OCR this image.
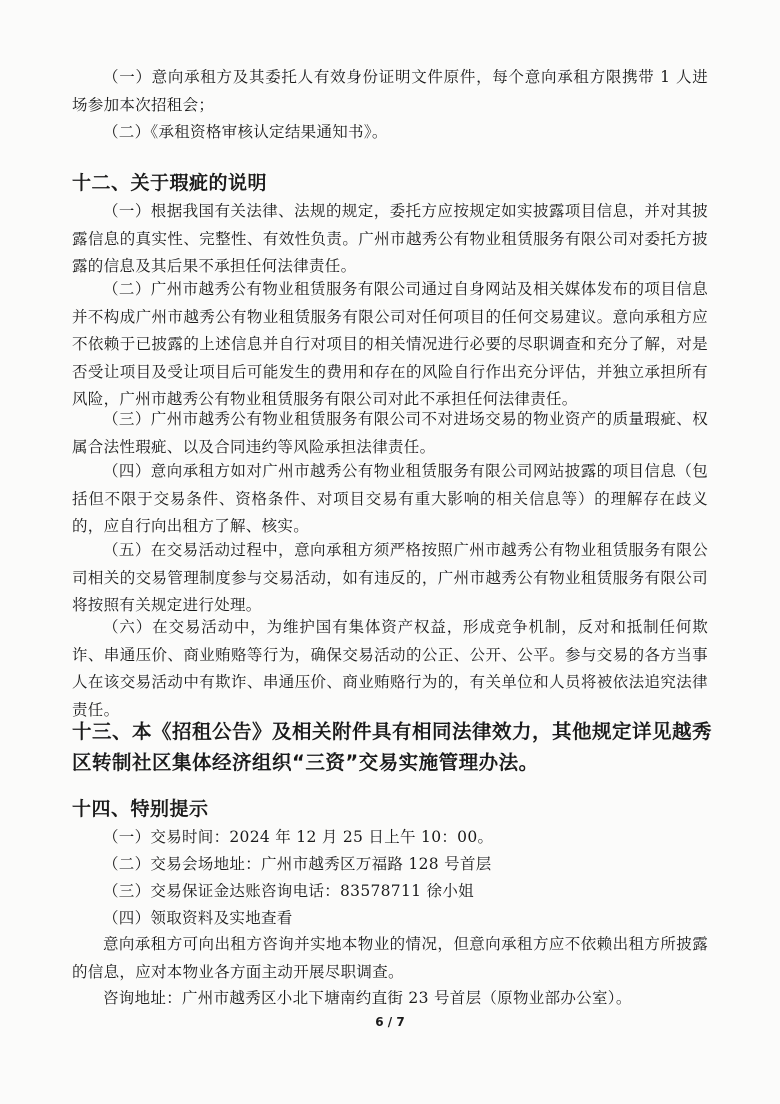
（一）意向承租方及其委托人有效身份证明文件原件，每个意向承租方限携带 1 人进场参加本次招租会；

（二）《承租资格审核认定结果通知书》。

十二、关于瑕疵的说明

（一）根据我国有关法律、法规的规定，委托方应按规定如实披露项目信息，并对其披露信息的真实性、完整性、有效性负责。广州市越秀公有物业租赁服务有限公司对委托方披露的信息及其后果不承担任何法律责任。

（二）广州市越秀公有物业租赁服务有限公司通过自身网站及相关媒体发布的项目信息并不构成广州市越秀公有物业租赁服务有限公司对任何项目的任何交易建议。意向承租方应不依赖于已披露的上述信息并自行对项目的相关情况进行必要的尽职调查和充分了解，对是否受让项目及受让项目后可能发生的费用和存在的风险自行作出充分评估，并独立承担所有风险，广州市越秀公有物业租赁服务有限公司对此不承担任何法律责任。

（三）广州市越秀公有物业租赁服务有限公司不对进场交易的物业资产的质量瑕疵、权属合法性瑕疵、以及合同违约等风险承担法律责任。

（四）意向承租方如对广州市越秀公有物业租赁服务有限公司网站披露的项目信息（包括但不限于交易条件、资格条件、对项目交易有重大影响的相关信息等）的理解存在歧义的，应自行向出租方了解、核实。

（五）在交易活动过程中，意向承租方须严格按照广州市越秀公有物业租赁服务有限公司相关的交易管理制度参与交易活动，如有违反的，广州市越秀公有物业租赁服务有限公司将按照有关规定进行处理。

（六）在交易活动中，为维护国有集体资产权益，形成竞争机制，反对和抵制任何欺诈、串通压价、商业贿赂等行为，确保交易活动的公正、公开、公平。参与交易的各方当事人在该交易活动中有欺诈、串通压价、商业贿赂行为的，有关单位和人员将被依法追究法律责任。

十三、本《招租公告》及相关附件具有相同法律效力，其他规定详见越秀区转制社区集体经济组织“三资”交易实施管理办法。
十四、特别提示

（一）交易时间：2024 年 12 月 25 日上午 10：00。

（二）交易会场地址：广州市越秀区万福路 128 号首层

（三）交易保证金达账咨询电话：83578711 徐小姐

（四）领取资料及实地查看

意向承租方可向出租方咨询并实地本物业的情况，但意向承租方应不依赖出租方所披露的信息，应对本物业各方面主动开展尽职调查。

咨询地址：广州市越秀区小北下塘南约直街 23 号首层（原物业部办公室）。

6 / 7
